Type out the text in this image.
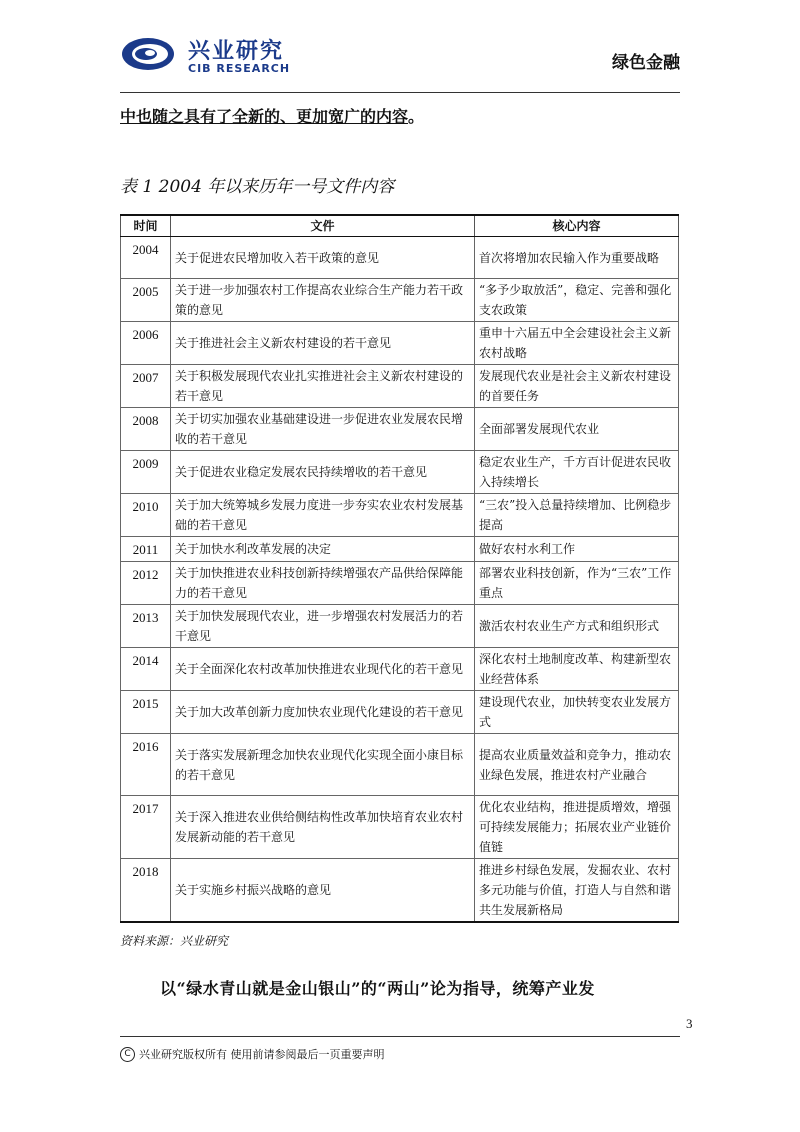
兴业研究
CIB RESEARCH	绿色金融
中也随之具有了全新的、更加宽广的内容。
表 1 2004 年以来历年一号文件内容
时间	文件	核心内容
2004	关于促进农民增加收入若干政策的意见	首次将增加农民输入作为重要战略
2005	关于进一步加强农村工作提高农业综合生产能力若干政策的意见	“多予少取放活”，稳定、完善和强化支农政策
2006	关于推进社会主义新农村建设的若干意见	重申十六届五中全会建设社会主义新农村战略
2007	关于积极发展现代农业扎实推进社会主义新农村建设的若干意见	发展现代农业是社会主义新农村建设的首要任务
2008	关于切实加强农业基础建设进一步促进农业发展农民增收的若干意见	全面部署发展现代农业
2009	关于促进农业稳定发展农民持续增收的若干意见	稳定农业生产，千方百计促进农民收入持续增长
2010	关于加大统筹城乡发展力度进一步夯实农业农村发展基础的若干意见	“三农”投入总量持续增加、比例稳步提高
2011	关于加快水利改革发展的决定	做好农村水利工作
2012	关于加快推进农业科技创新持续增强农产品供给保障能力的若干意见	部署农业科技创新，作为“三农”工作重点
2013	关于加快发展现代农业，进一步增强农村发展活力的若干意见	激活农村农业生产方式和组织形式
2014	关于全面深化农村改革加快推进农业现代化的若干意见	深化农村土地制度改革、构建新型农业经营体系
2015	关于加大改革创新力度加快农业现代化建设的若干意见	建设现代农业，加快转变农业发展方式
2016	关于落实发展新理念加快农业现代化实现全面小康目标的若干意见	提高农业质量效益和竞争力，推动农业绿色发展，推进农村产业融合
2017	关于深入推进农业供给侧结构性改革加快培育农业农村发展新动能的若干意见	优化农业结构，推进提质增效，增强可持续发展能力；拓展农业产业链价值链
2018	关于实施乡村振兴战略的意见	推进乡村绿色发展，发掘农业、农村多元功能与价值，打造人与自然和谐共生发展新格局
资料来源：兴业研究
以“绿水青山就是金山银山”的“两山”论为指导，统筹产业发
3
C 兴业研究版权所有 使用前请参阅最后一页重要声明
